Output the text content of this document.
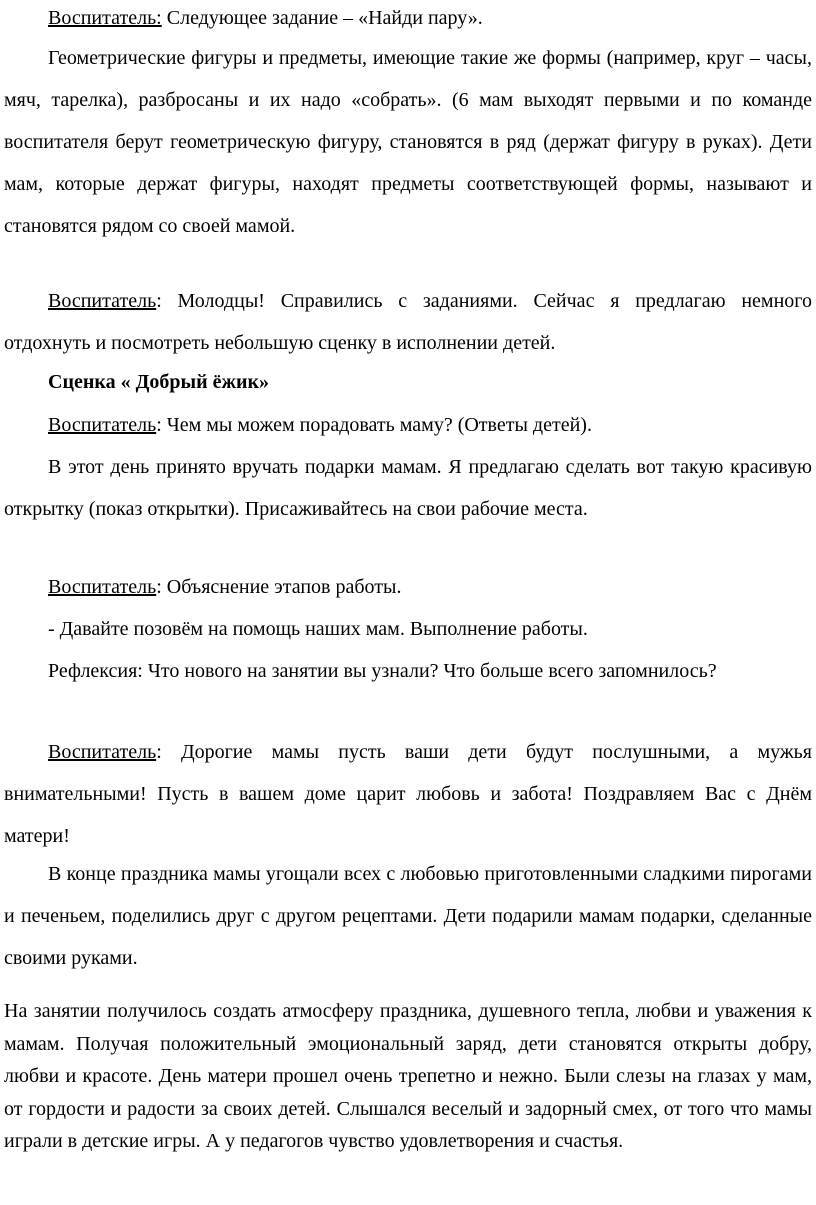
Воспитатель: Следующее задание – «Найди пару».

Геометрические фигуры и предметы, имеющие такие же формы (например, круг – часы, мяч, тарелка), разбросаны и их надо «собрать». (6 мам выходят первыми и по команде воспитателя берут геометрическую фигуру, становятся в ряд (держат фигуру в руках). Дети мам, которые держат фигуры, находят предметы соответствующей формы, называют и становятся рядом со своей мамой.

Воспитатель: Молодцы! Справились с заданиями. Сейчас я предлагаю немного отдохнуть и посмотреть небольшую сценку в исполнении детей.

Сценка « Добрый ёжик»

Воспитатель: Чем мы можем порадовать маму? (Ответы детей).

В этот день принято вручать подарки мамам. Я предлагаю сделать вот такую красивую открытку (показ открытки). Присаживайтесь на свои рабочие места.

Воспитатель: Объяснение этапов работы.

- Давайте позовём на помощь наших мам. Выполнение работы.

Рефлексия: Что нового на занятии вы узнали? Что больше всего запомнилось?

Воспитатель: Дорогие мамы пусть ваши дети будут послушными, а мужья внимательными! Пусть в вашем доме царит любовь и забота! Поздравляем Вас с Днём матери!

В конце праздника мамы угощали всех с любовью приготовленными сладкими пирогами и печеньем, поделились друг с другом рецептами. Дети подарили мамам подарки, сделанные своими руками.

На занятии получилось создать атмосферу праздника, душевного тепла, любви и уважения к мамам. Получая положительный эмоциональный заряд, дети становятся открыты добру, любви и красоте. День матери прошел очень трепетно и нежно. Были слезы на глазах у мам, от гордости и радости за своих детей. Слышался веселый и задорный смех, от того что мамы играли в детские игры. А у педагогов чувство удовлетворения и счастья.
